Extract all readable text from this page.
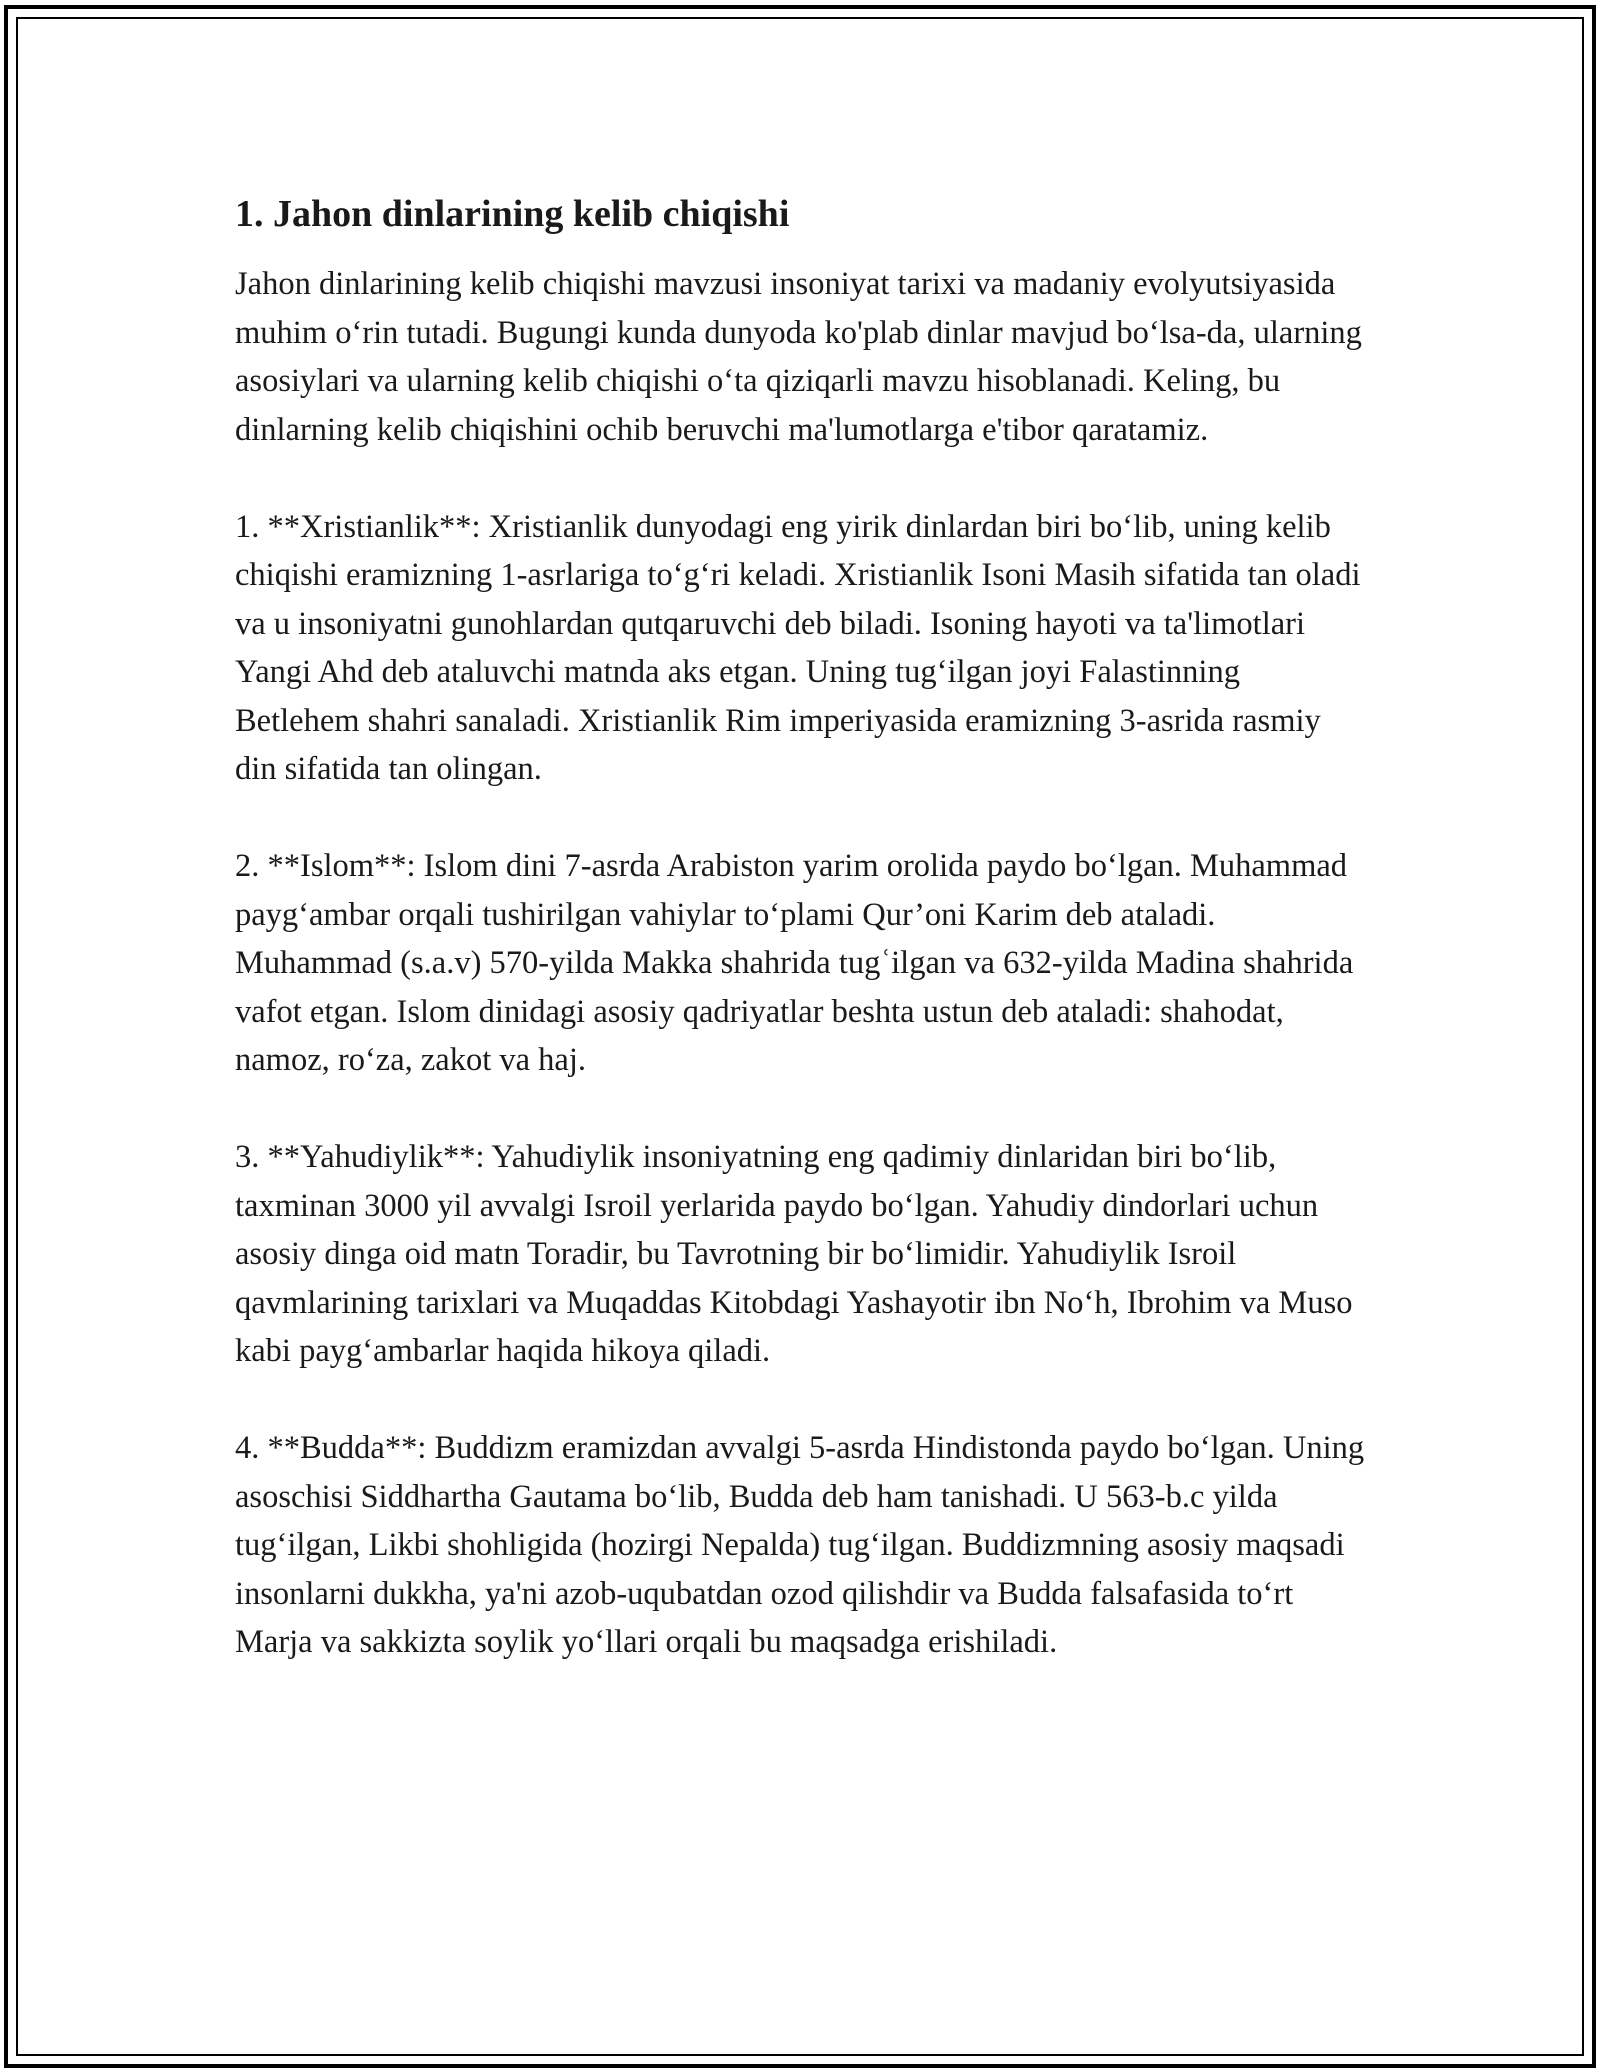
1. Jahon dinlarining kelib chiqishi

Jahon dinlarining kelib chiqishi mavzusi insoniyat tarixi va madaniy evolyutsiyasida muhim o‘rin tutadi. Bugungi kunda dunyoda ko'plab dinlar mavjud bo‘lsa-da, ularning asosiylari va ularning kelib chiqishi o‘ta qiziqarli mavzu hisoblanadi. Keling, bu dinlarning kelib chiqishini ochib beruvchi ma'lumotlarga e'tibor qaratamiz.

1. **Xristianlik**: Xristianlik dunyodagi eng yirik dinlardan biri bo‘lib, uning kelib chiqishi eramizning 1-asrlariga to‘g‘ri keladi. Xristianlik Isoni Masih sifatida tan oladi va u insoniyatni gunohlardan qutqaruvchi deb biladi. Isoning hayoti va ta'limotlari Yangi Ahd deb ataluvchi matnda aks etgan. Uning tug‘ilgan joyi Falastinning Betlehem shahri sanaladi. Xristianlik Rim imperiyasida eramizning 3-asrida rasmiy din sifatida tan olingan.

2. **Islom**: Islom dini 7-asrda Arabiston yarim orolida paydo bo‘lgan. Muhammad payg‘ambar orqali tushirilgan vahiylar to‘plami Qur’oni Karim deb ataladi. Muhammad (s.a.v) 570-yilda Makka shahrida tugʿilgan va 632-yilda Madina shahrida vafot etgan. Islom dinidagi asosiy qadriyatlar beshta ustun deb ataladi: shahodat, namoz, ro‘za, zakot va haj.

3. **Yahudiylik**: Yahudiylik insoniyatning eng qadimiy dinlaridan biri bo‘lib, taxminan 3000 yil avvalgi Isroil yerlarida paydo bo‘lgan. Yahudiy dindorlari uchun asosiy dinga oid matn Toradir, bu Tavrotning bir bo‘limidir. Yahudiylik Isroil qavmlarining tarixlari va Muqaddas Kitobdagi Yashayotir ibn No‘h, Ibrohim va Muso kabi payg‘ambarlar haqida hikoya qiladi.

4. **Budda**: Buddizm eramizdan avvalgi 5-asrda Hindistonda paydo bo‘lgan. Uning asoschisi Siddhartha Gautama bo‘lib, Budda deb ham tanishadi. U 563-b.c yilda tug‘ilgan, Likbi shohligida (hozirgi Nepalda) tug‘ilgan. Buddizmning asosiy maqsadi insonlarni dukkha, ya'ni azob-uqubatdan ozod qilishdir va Budda falsafasida to‘rt Marja va sakkizta soylik yo‘llari orqali bu maqsadga erishiladi.
